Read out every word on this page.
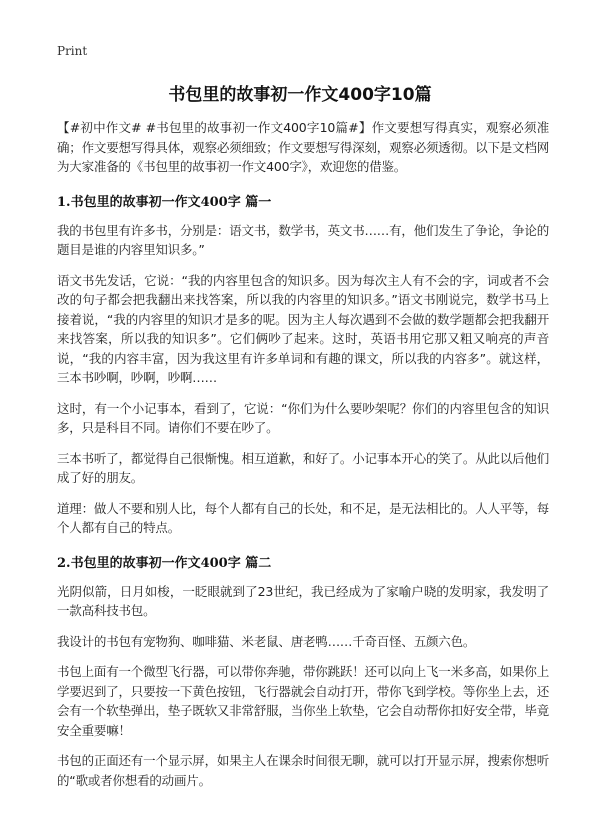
Print
书包里的故事初一作文400字10篇

【#初中作文# #书包里的故事初一作文400字10篇#】作文要想写得真实，观察必须准确；作文要想写得具体，观察必须细致；作文要想写得深刻，观察必须透彻。以下是文档网为大家准备的《书包里的故事初一作文400字》，欢迎您的借鉴。

1.书包里的故事初一作文400字 篇一

我的书包里有许多书，分别是：语文书，数学书，英文书……有，他们发生了争论，争论的题目是谁的内容里知识多。”

语文书先发话，它说：“我的内容里包含的知识多。因为每次主人有不会的字，词或者不会改的句子都会把我翻出来找答案，所以我的内容里的知识多。”语文书刚说完，数学书马上接着说，“我的内容里的知识才是多的呢。因为主人每次遇到不会做的数学题都会把我翻开来找答案，所以我的知识多”。它们俩吵了起来。这时，英语书用它那又粗又响亮的声音说，“我的内容丰富，因为我这里有许多单词和有趣的课文，所以我的内容多”。就这样，三本书吵啊，吵啊，吵啊……

这时，有一个小记事本，看到了，它说：“你们为什么要吵架呢？你们的内容里包含的知识多，只是科目不同。请你们不要在吵了。

三本书听了，都觉得自己很惭愧。相互道歉，和好了。小记事本开心的笑了。从此以后他们成了好的朋友。

道理：做人不要和别人比，每个人都有自己的长处，和不足，是无法相比的。人人平等，每个人都有自己的特点。

2.书包里的故事初一作文400字 篇二

光阴似箭，日月如梭，一眨眼就到了23世纪，我已经成为了家喻户晓的发明家，我发明了一款高科技书包。

我设计的书包有宠物狗、咖啡猫、米老鼠、唐老鸭……千奇百怪、五颜六色。

书包上面有一个微型飞行器，可以带你奔驰，带你跳跃！还可以向上飞一米多高，如果你上学要迟到了，只要按一下黄色按钮，飞行器就会自动打开，带你飞到学校。等你坐上去，还会有一个软垫弹出，垫子既软又非常舒服，当你坐上软垫，它会自动帮你扣好安全带，毕竟安全重要嘛！

书包的正面还有一个显示屏，如果主人在课余时间很无聊，就可以打开显示屏，搜索你想听的“歌或者你想看的动画片。
